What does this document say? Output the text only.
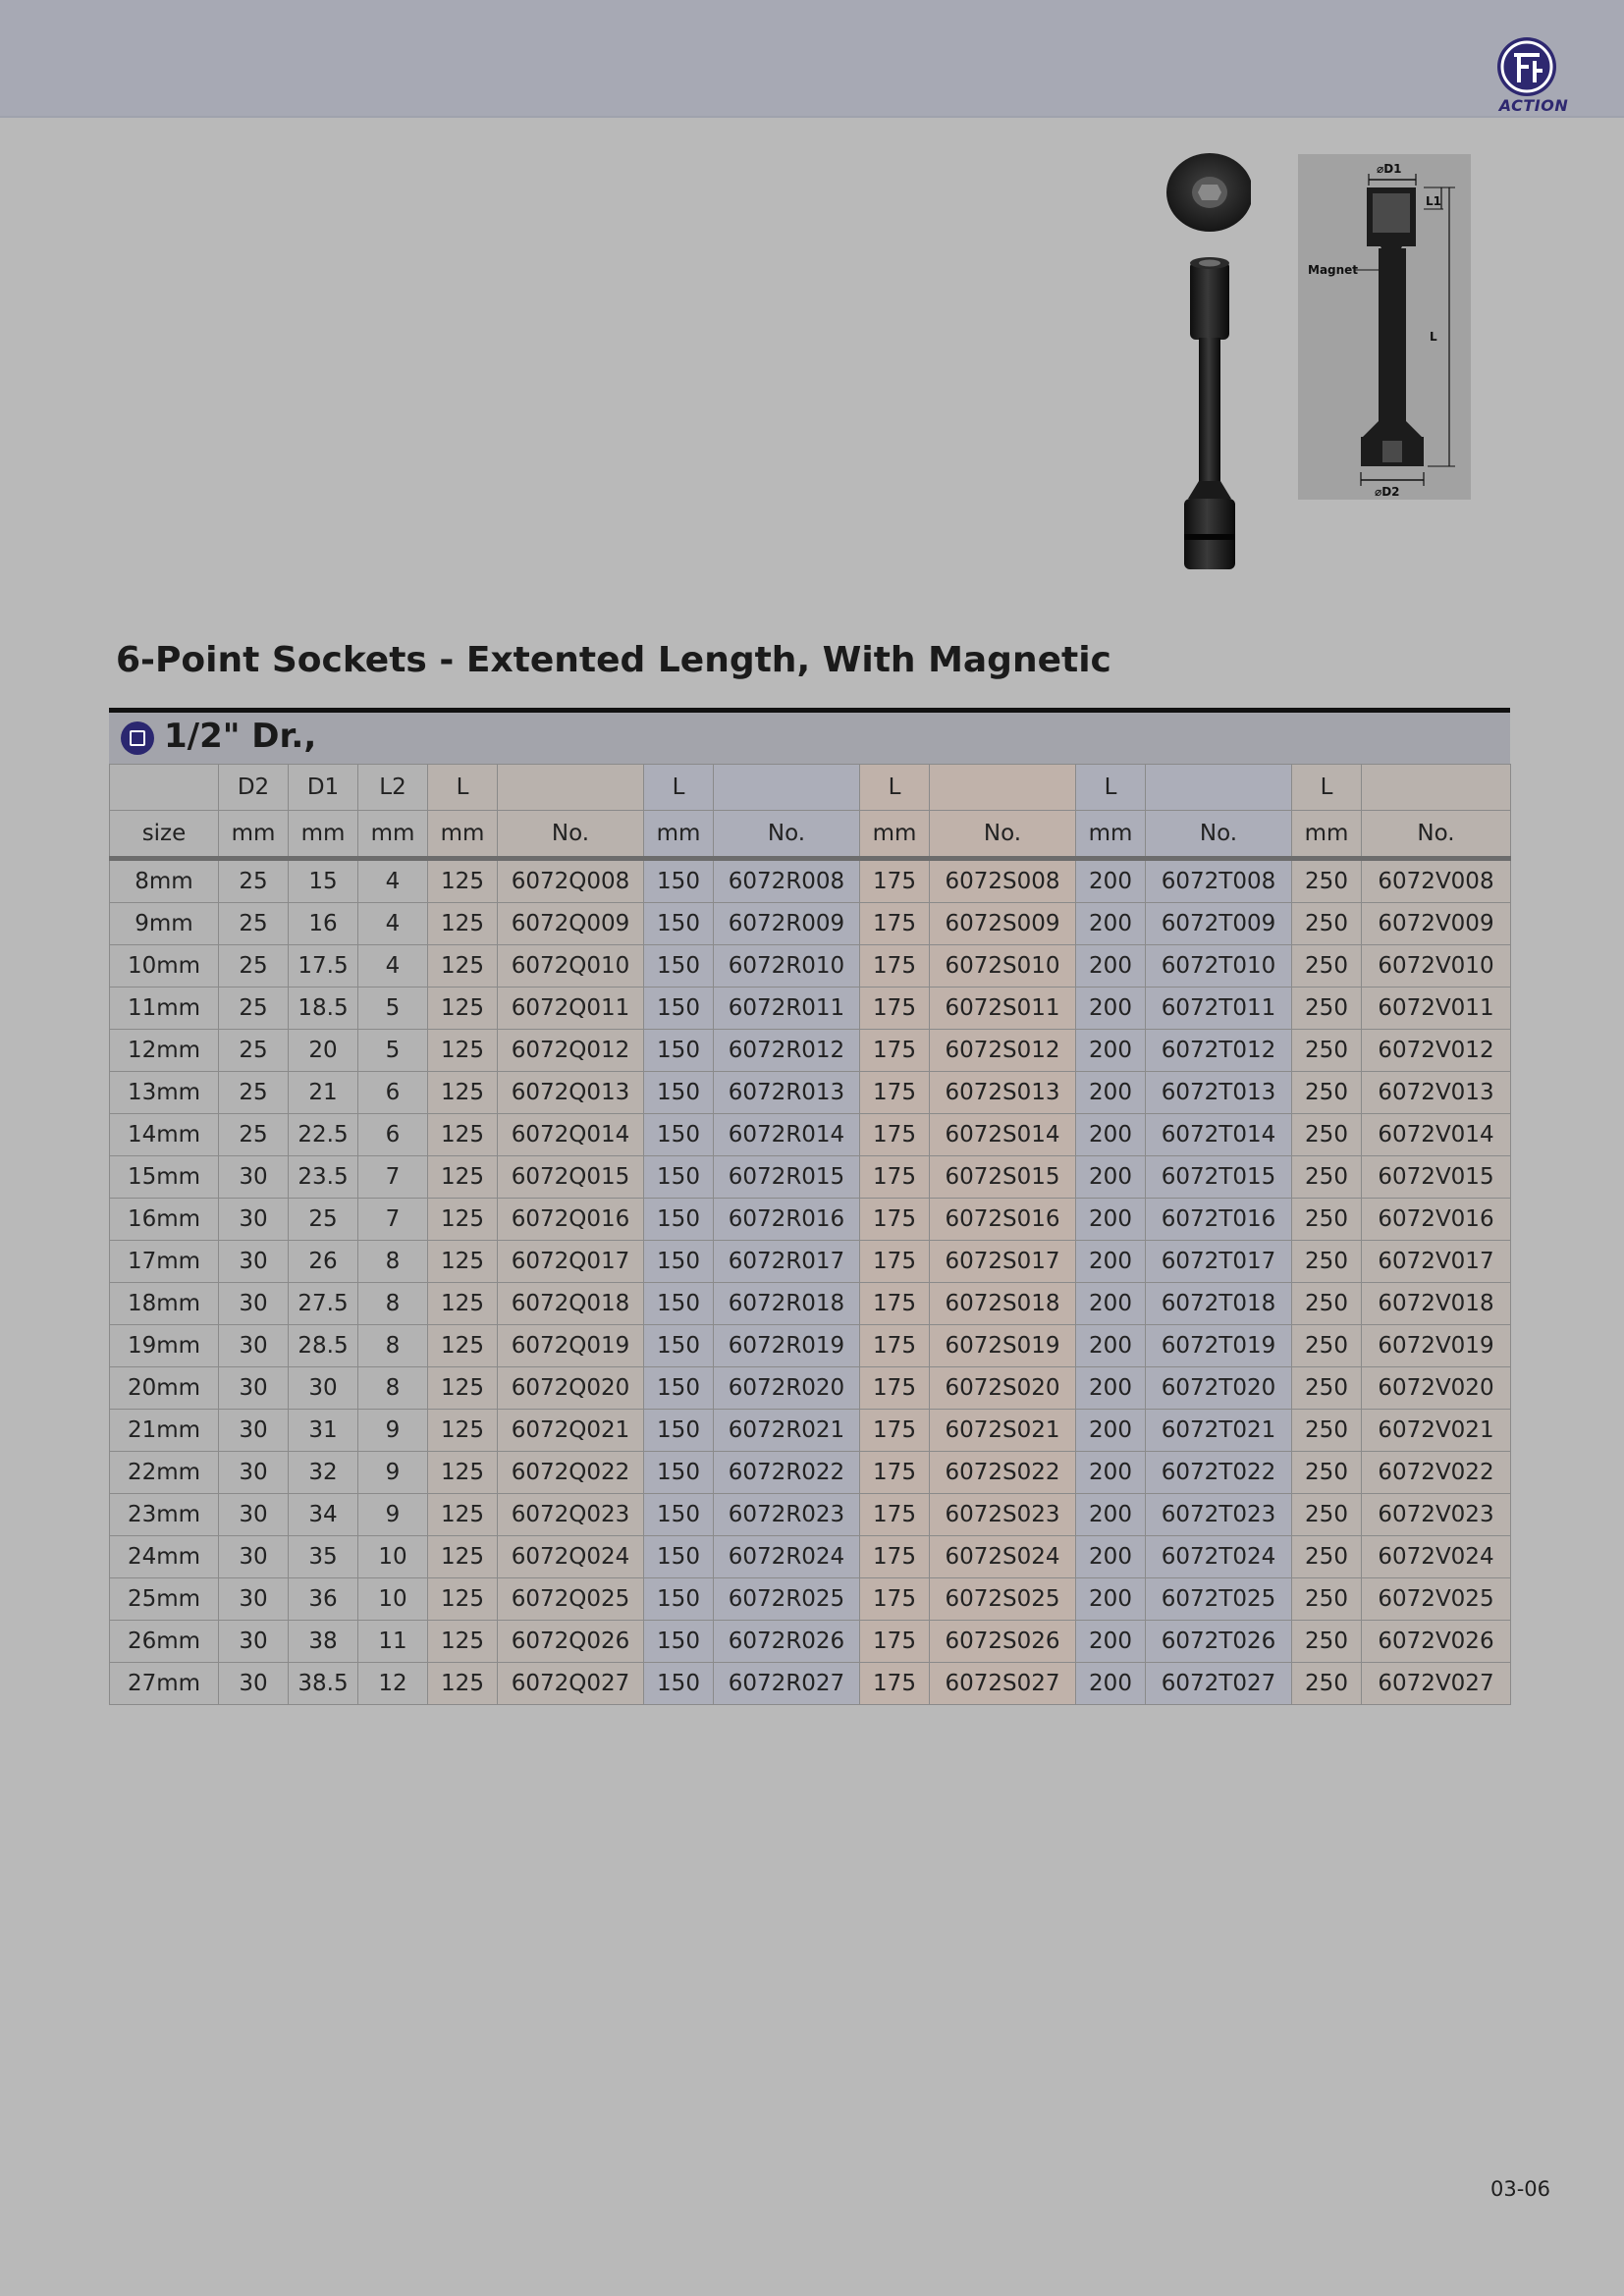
ACTION
⌀D1
L1
Magnet
L
⌀D2
6-Point Sockets - Extented Length, With Magnetic
1/2" Dr.,
	D2	D1	L2	L		L		L		L		L	
size	mm	mm	mm	mm	No.	mm	No.	mm	No.	mm	No.	mm	No.
8mm	25	15	4	125	6072Q008	150	6072R008	175	6072S008	200	6072T008	250	6072V008
9mm	25	16	4	125	6072Q009	150	6072R009	175	6072S009	200	6072T009	250	6072V009
10mm	25	17.5	4	125	6072Q010	150	6072R010	175	6072S010	200	6072T010	250	6072V010
11mm	25	18.5	5	125	6072Q011	150	6072R011	175	6072S011	200	6072T011	250	6072V011
12mm	25	20	5	125	6072Q012	150	6072R012	175	6072S012	200	6072T012	250	6072V012
13mm	25	21	6	125	6072Q013	150	6072R013	175	6072S013	200	6072T013	250	6072V013
14mm	25	22.5	6	125	6072Q014	150	6072R014	175	6072S014	200	6072T014	250	6072V014
15mm	30	23.5	7	125	6072Q015	150	6072R015	175	6072S015	200	6072T015	250	6072V015
16mm	30	25	7	125	6072Q016	150	6072R016	175	6072S016	200	6072T016	250	6072V016
17mm	30	26	8	125	6072Q017	150	6072R017	175	6072S017	200	6072T017	250	6072V017
18mm	30	27.5	8	125	6072Q018	150	6072R018	175	6072S018	200	6072T018	250	6072V018
19mm	30	28.5	8	125	6072Q019	150	6072R019	175	6072S019	200	6072T019	250	6072V019
20mm	30	30	8	125	6072Q020	150	6072R020	175	6072S020	200	6072T020	250	6072V020
21mm	30	31	9	125	6072Q021	150	6072R021	175	6072S021	200	6072T021	250	6072V021
22mm	30	32	9	125	6072Q022	150	6072R022	175	6072S022	200	6072T022	250	6072V022
23mm	30	34	9	125	6072Q023	150	6072R023	175	6072S023	200	6072T023	250	6072V023
24mm	30	35	10	125	6072Q024	150	6072R024	175	6072S024	200	6072T024	250	6072V024
25mm	30	36	10	125	6072Q025	150	6072R025	175	6072S025	200	6072T025	250	6072V025
26mm	30	38	11	125	6072Q026	150	6072R026	175	6072S026	200	6072T026	250	6072V026
27mm	30	38.5	12	125	6072Q027	150	6072R027	175	6072S027	200	6072T027	250	6072V027
03-06
